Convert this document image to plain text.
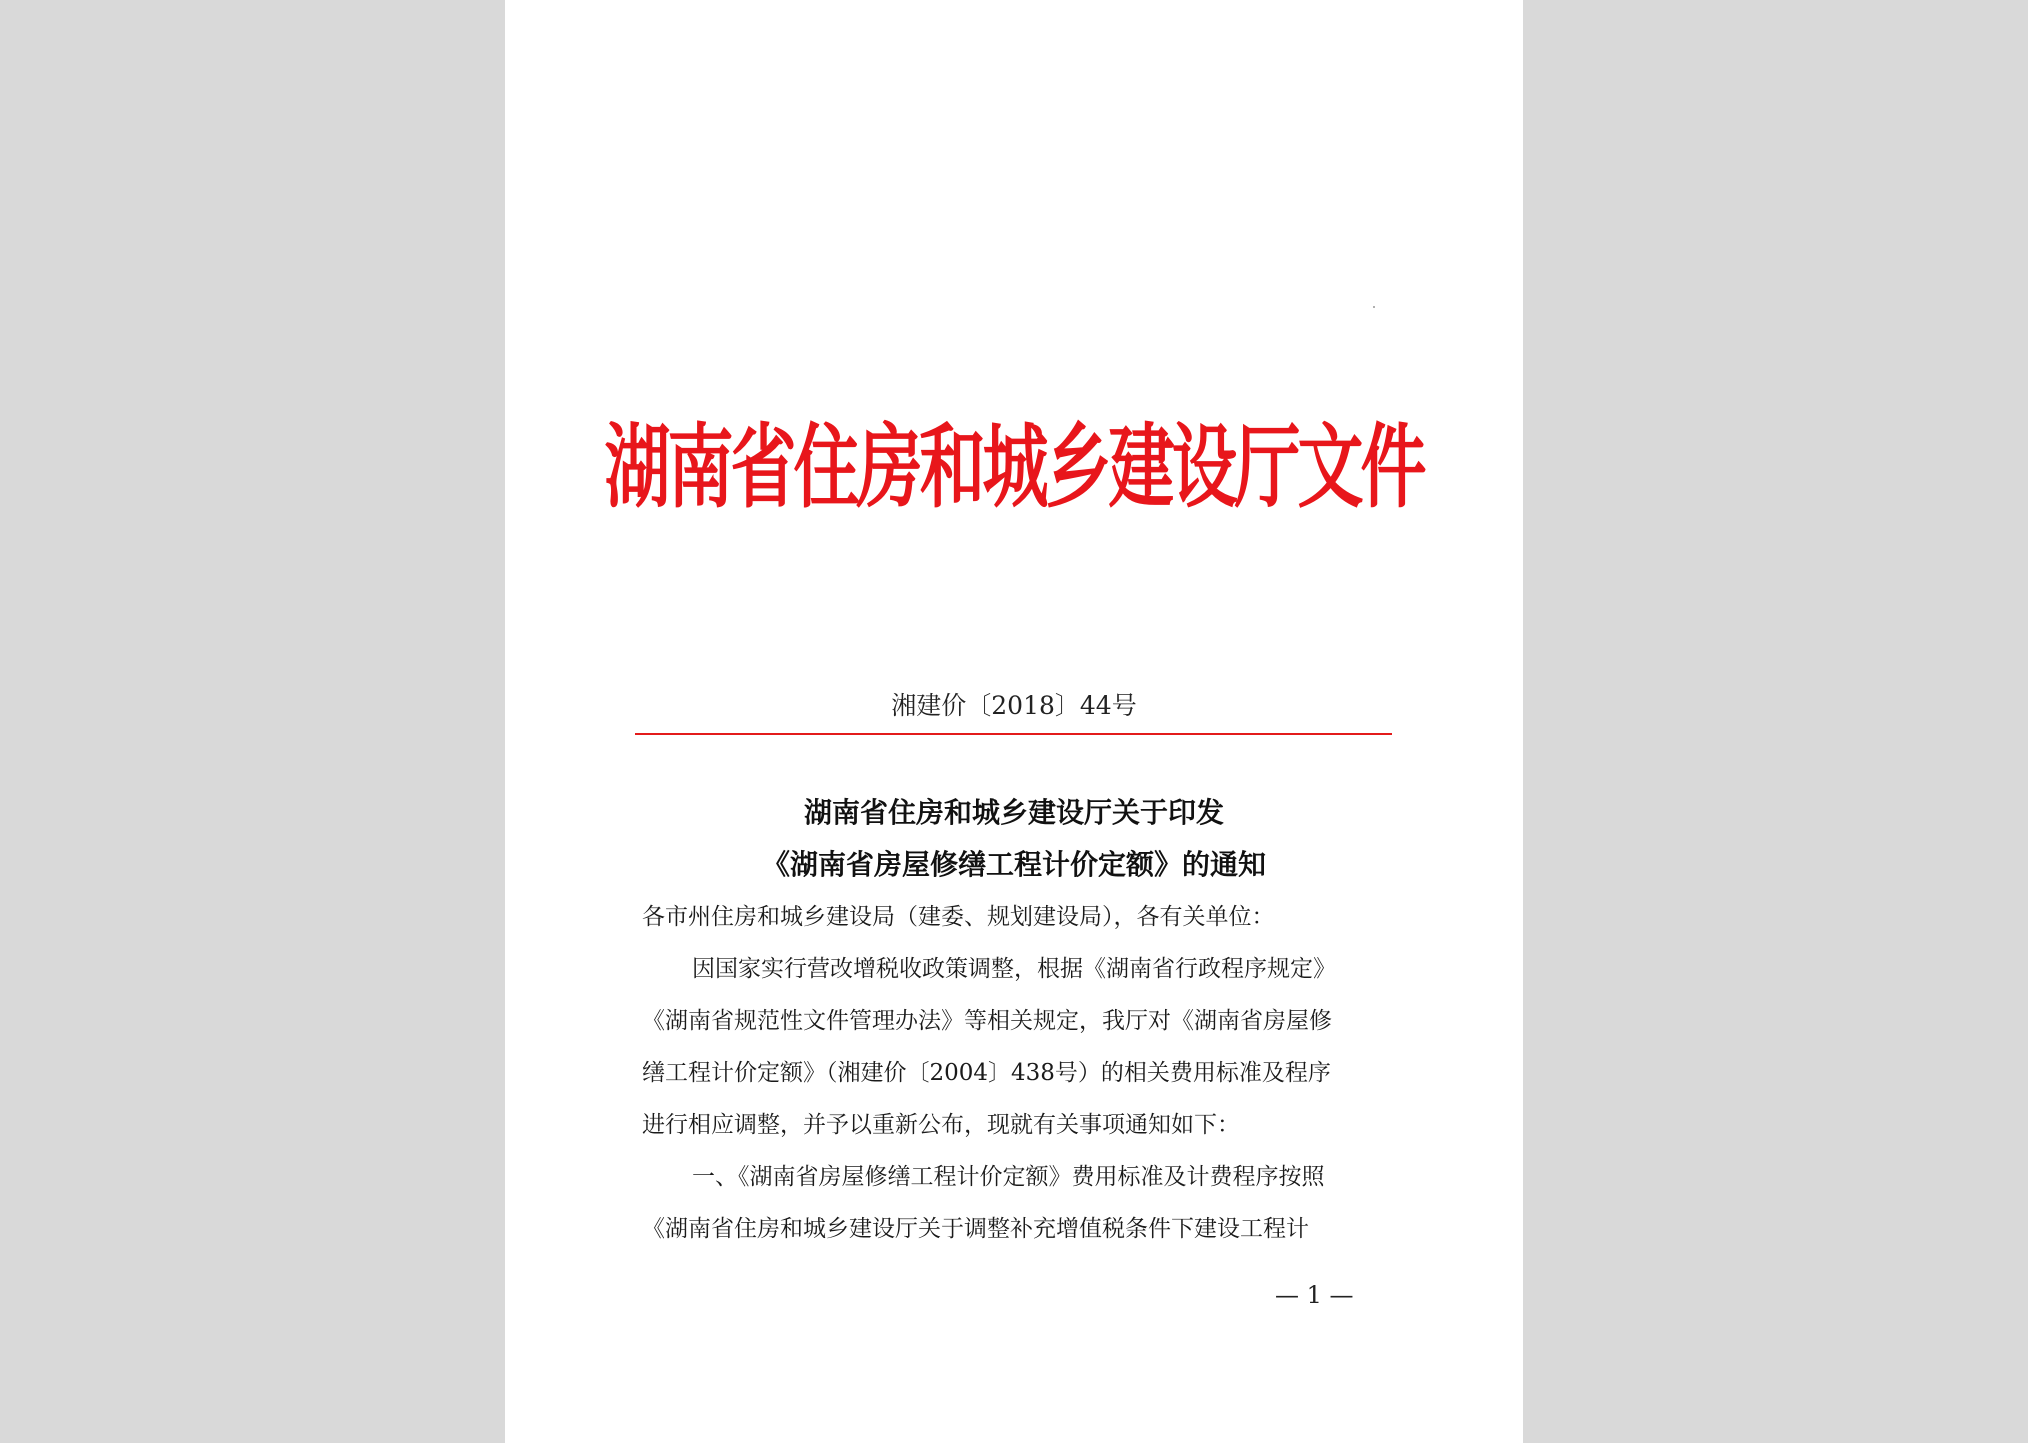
湖南省住房和城乡建设厅文件
湘建价〔2018〕44号
湖南省住房和城乡建设厅关于印发
《湖南省房屋修缮工程计价定额》的通知
各市州住房和城乡建设局（建委、规划建设局），各有关单位：
因国家实行营改增税收政策调整，根据《湖南省行政程序规定》
《湖南省规范性文件管理办法》等相关规定，我厅对《湖南省房屋修
缮工程计价定额》（湘建价〔2004〕438号）的相关费用标准及程序
进行相应调整，并予以重新公布，现就有关事项通知如下：
一、《湖南省房屋修缮工程计价定额》费用标准及计费程序按照
《湖南省住房和城乡建设厅关于调整补充增值税条件下建设工程计
— 1 —
